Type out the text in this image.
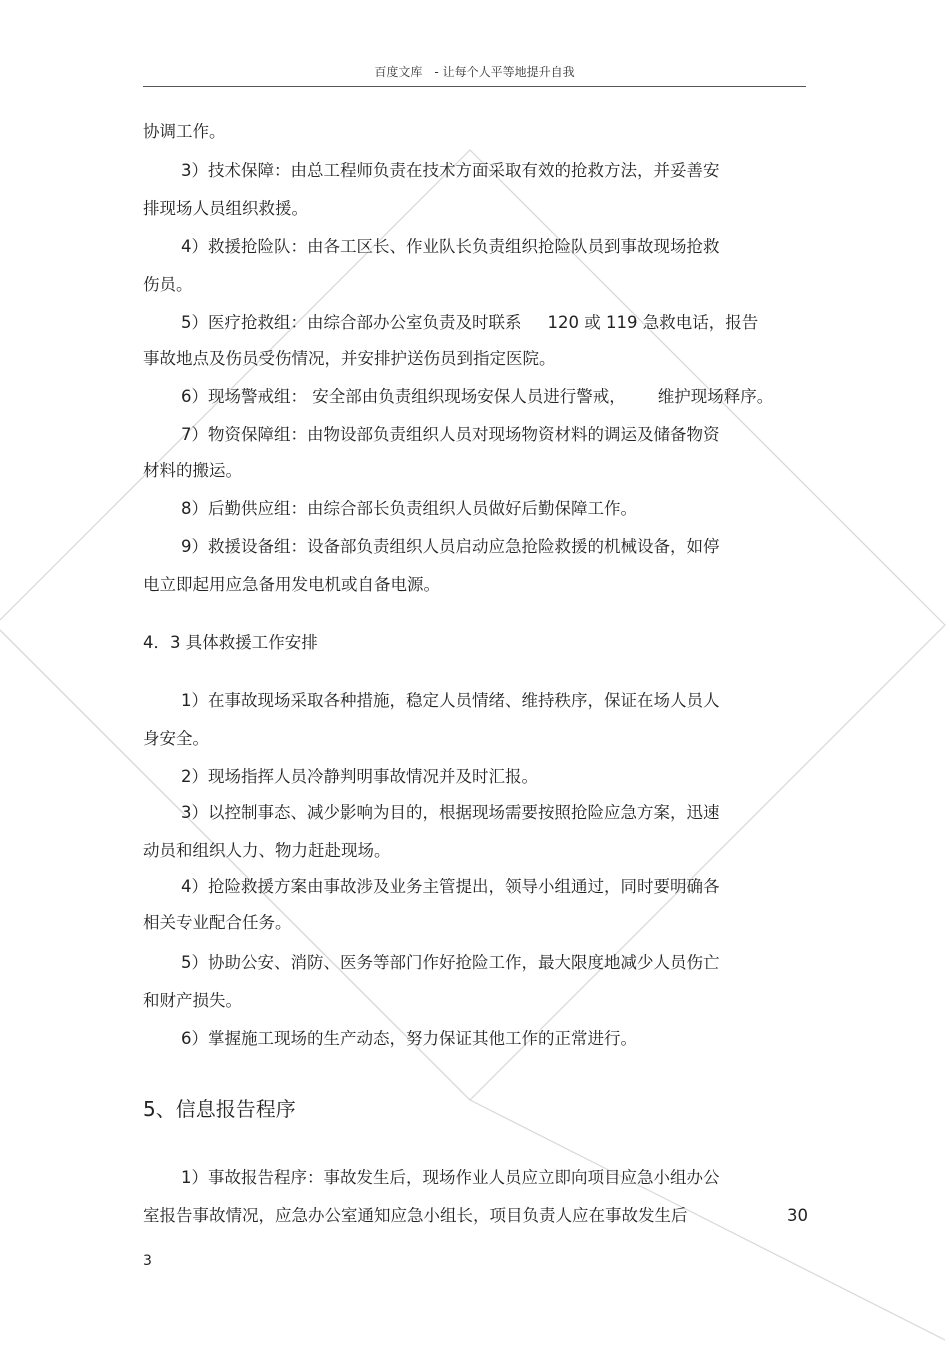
百度文库　- 让每个人平等地提升自我
协调工作。
3）技术保障：由总工程师负责在技术方面采取有效的抢救方法，并妥善安
排现场人员组织救援。
4）救援抢险队：由各工区长、作业队长负责组织抢险队员到事故现场抢救
伤员。
5）医疗抢救组：由综合部办公室负责及时联系 120 或 119 急救电话，报告
事故地点及伤员受伤情况，并安排护送伤员到指定医院。
6）现场警戒组： 安全部由负责组织现场安保人员进行警戒， 维护现场释序。
7）物资保障组：由物设部负责组织人员对现场物资材料的调运及储备物资
材料的搬运。
8）后勤供应组：由综合部长负责组织人员做好后勤保障工作。
9）救援设备组：设备部负责组织人员启动应急抢险救援的机械设备，如停
电立即起用应急备用发电机或自备电源。
4．3 具体救援工作安排
1）在事故现场采取各种措施，稳定人员情绪、维持秩序，保证在场人员人
身安全。
2）现场指挥人员冷静判明事故情况并及时汇报。
3）以控制事态、减少影响为目的，根据现场需要按照抢险应急方案，迅速
动员和组织人力、物力赶赴现场。
4）抢险救援方案由事故涉及业务主管提出，领导小组通过，同时要明确各
相关专业配合任务。
5）协助公安、消防、医务等部门作好抢险工作，最大限度地减少人员伤亡
和财产损失。
6）掌握施工现场的生产动态，努力保证其他工作的正常进行。
5、信息报告程序
1）事故报告程序：事故发生后，现场作业人员应立即向项目应急小组办公
室报告事故情况，应急办公室通知应急小组长，项目负责人应在事故发生后	30
3
